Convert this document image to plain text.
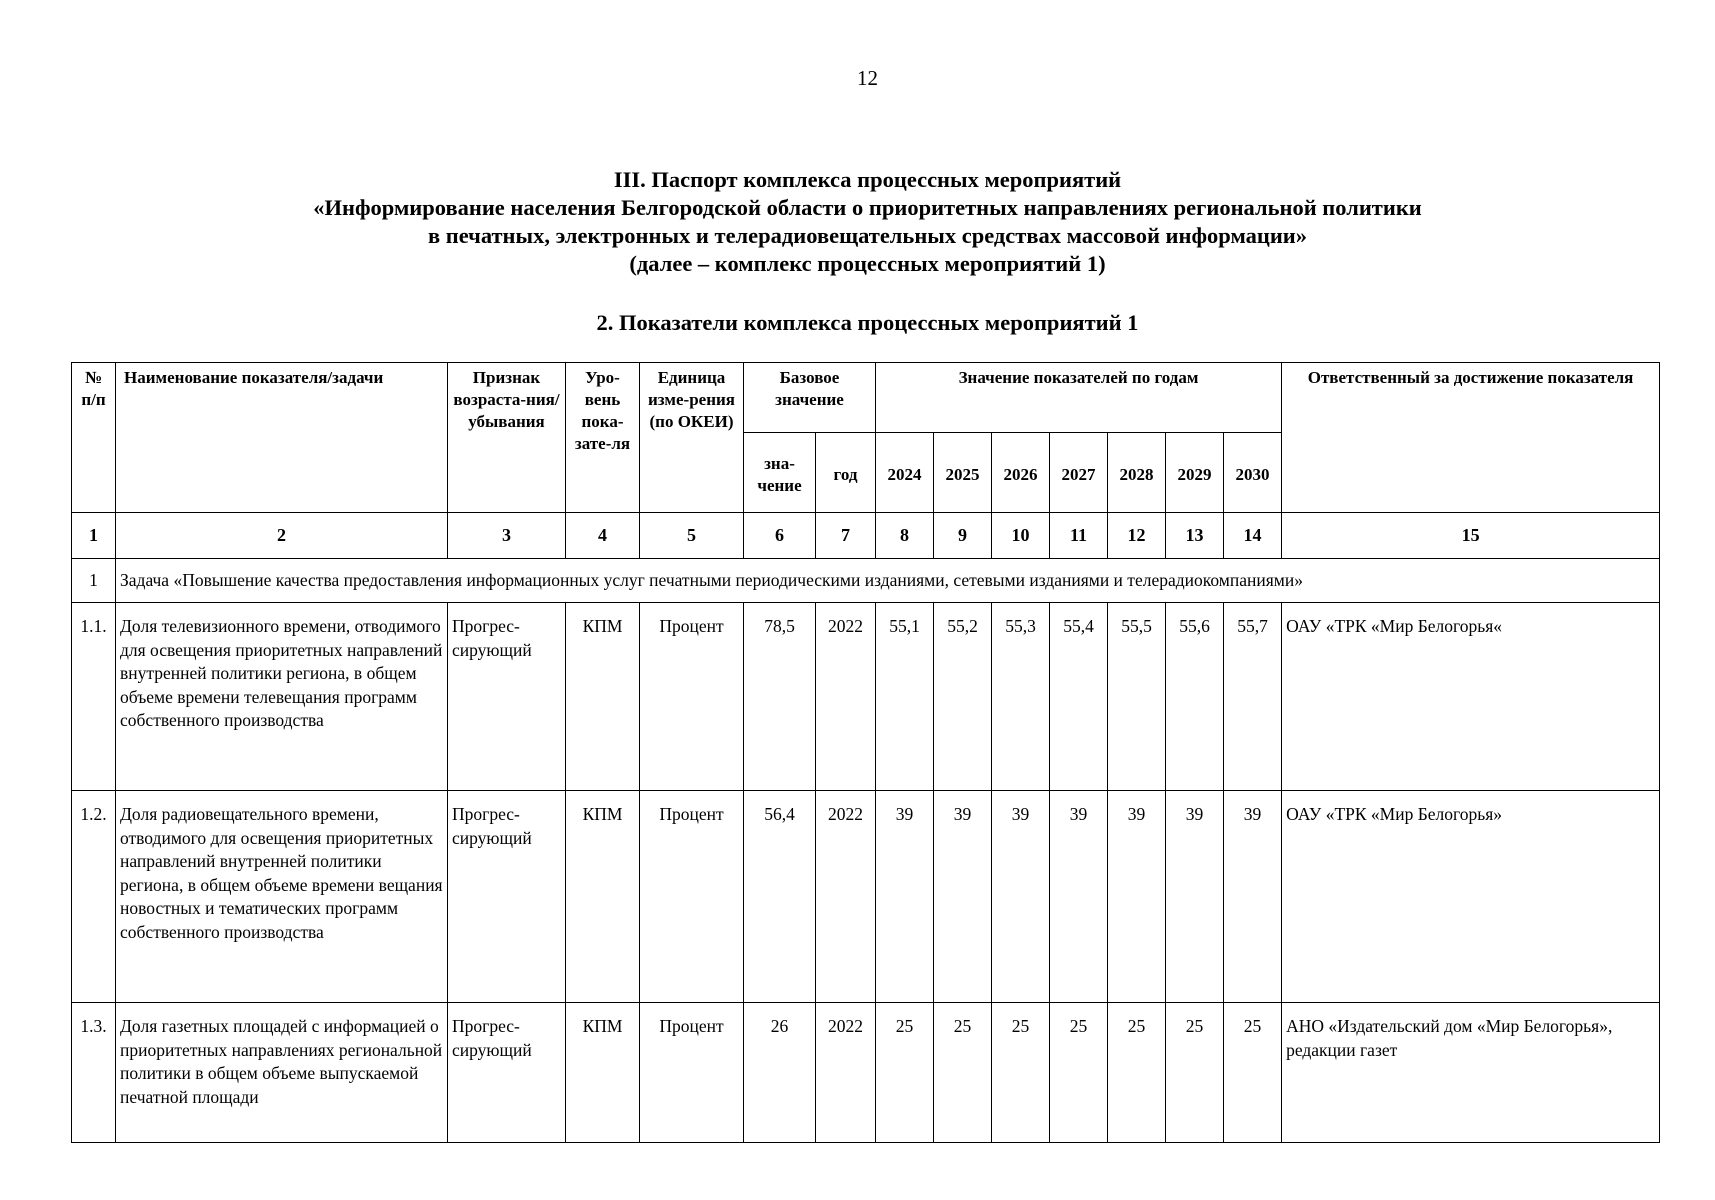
12
III. Паспорт комплекса процессных мероприятий
«Информирование населения Белгородской области о приоритетных направлениях региональной политики
в печатных, электронных и телерадиовещательных средствах массовой информации»
(далее – комплекс процессных мероприятий 1)
2. Показатели комплекса процессных мероприятий 1
№ п/п	Наименование показателя/задачи	Признак возраста-ния/ убывания	Уро-вень пока-зате-ля	Единица изме-рения (по ОКЕИ)	Базовое значение		Значение показателей по годам							Ответственный за достижение показателя
					зна-чение	год	2024	2025	2026	2027	2028	2029	2030	
1	2	3	4	5	6	7	8	9	10	11	12	13	14	15
1	Задача «Повышение качества предоставления информационных услуг печатными периодическими изданиями, сетевыми изданиями и телерадиокомпаниями»													
1.1.	Доля телевизионного времени, отводимого для освещения приоритетных направлений внутренней политики региона, в общем объеме времени телевещания программ собственного производства	Прогрес-сирующий	КПМ	Процент	78,5	2022	55,1	55,2	55,3	55,4	55,5	55,6	55,7	ОАУ «ТРК «Мир Белогорья«
1.2.	Доля радиовещательного времени, отводимого для освещения приоритетных направлений внутренней политики региона, в общем объеме времени вещания новостных и тематических программ собственного производства	Прогрес-сирующий	КПМ	Процент	56,4	2022	39	39	39	39	39	39	39	ОАУ «ТРК «Мир Белогорья»
1.3.	Доля газетных площадей с информацией о приоритетных направлениях региональной политики в общем объеме выпускаемой печатной площади	Прогрес-сирующий	КПМ	Процент	26	2022	25	25	25	25	25	25	25	АНО «Издательский дом «Мир Белогорья», редакции газет
